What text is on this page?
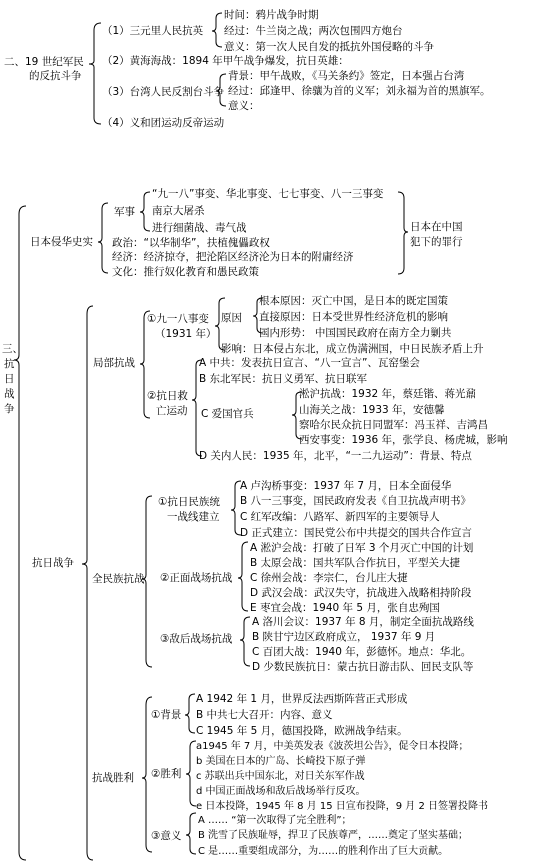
二、19 世纪军民
的反抗斗争
（1）三元里人民抗英
时间：鸦片战争时期
经过：牛兰岗之战；两次包围四方炮台
意义：第一次人民自发的抵抗外国侵略的斗争
（2）黄海海战：1894 年甲午战争爆发，抗日英雄：
（3）台湾人民反割台斗争
背景：甲午战败，《马关条约》签定，日本强占台湾
经过：邱逢甲、徐骧为首的义军；刘永福为首的黑旗军。
意义：
（4）义和团运动反帝运动
三、
抗
日
战
争
日本侵华史实
军事
“九一八”事变、华北事变、七七事变、八一三事变
南京大屠杀
进行细菌战、毒气战
政治：“以华制华”，扶植傀儡政权
经济：经济掠夺，把沦陷区经济沦为日本的附庸经济
文化：推行奴化教育和愚民政策
日本在中国
犯下的罪行
抗日战争
局部抗战
①九一八事变
（1931 年）
原因
根本原因：灭亡中国，是日本的既定国策
直接原因：日本受世界性经济危机的影响
国内形势： 中国国民政府在南方全力剿共
影响：日本侵占东北，成立伪满洲国，中日民族矛盾上升
②抗日救
亡运动
A 中共：发表抗日宣言、“八一宣言”、瓦窑堡会
B 东北军民：抗日义勇军、抗日联军
C 爱国官兵
淞沪抗战：1932 年，蔡廷锴、蒋光鼐
山海关之战：1933 年，安德馨
察哈尔民众抗日同盟军：冯玉祥、吉鸿昌
西安事变：1936 年，张学良、杨虎城，影响
D 关内人民：1935 年，北平，“一二九运动”：背景、特点
全民族抗战
①抗日民族统
一战线建立
A 卢沟桥事变：1937 年 7 月，日本全面侵华
B 八一三事变，国民政府发表《自卫抗战声明书》
C 红军改编：八路军、新四军的主要领导人
D 正式建立：国民党公布中共提交的国共合作宣言
②正面战场抗战
A 淞沪会战：打破了日军 3 个月灭亡中国的计划
B 太原会战：国共军队合作抗日，平型关大捷
C 徐州会战：李宗仁，台儿庄大捷
D 武汉会战：武汉失守，抗战进入战略相持阶段
E 枣宜会战：1940 年 5 月，张自忠殉国
③敌后战场抗战
A 洛川会议：1937 年 8 月，制定全面抗战路线
B 陕甘宁边区政府成立， 1937 年 9 月
C 百团大战：1940 年，彭德怀。地点：华北。
D 少数民族抗日：蒙古抗日游击队、回民支队等
抗战胜利
①背景
A 1942 年 1 月，世界反法西斯阵营正式形成
B 中共七大召开：内容、意义
C 1945 年 5 月，德国投降，欧洲战争结束。
②胜利
a1945 年 7 月，中美英发表《波茨坦公告》，促令日本投降；
b 美国在日本的广岛、长崎投下原子弹
c 苏联出兵中国东北，对日关东军作战
d 中国正面战场和敌后战场举行反攻。
e 日本投降，1945 年 8 月 15 日宣布投降，9 月 2 日签署投降书
③意义
A …… “第一次取得了完全胜利”；
B 洗雪了民族耻辱，捍卫了民族尊严，……奠定了坚实基础；
C 是……重要组成部分，为……的胜利作出了巨大贡献。
